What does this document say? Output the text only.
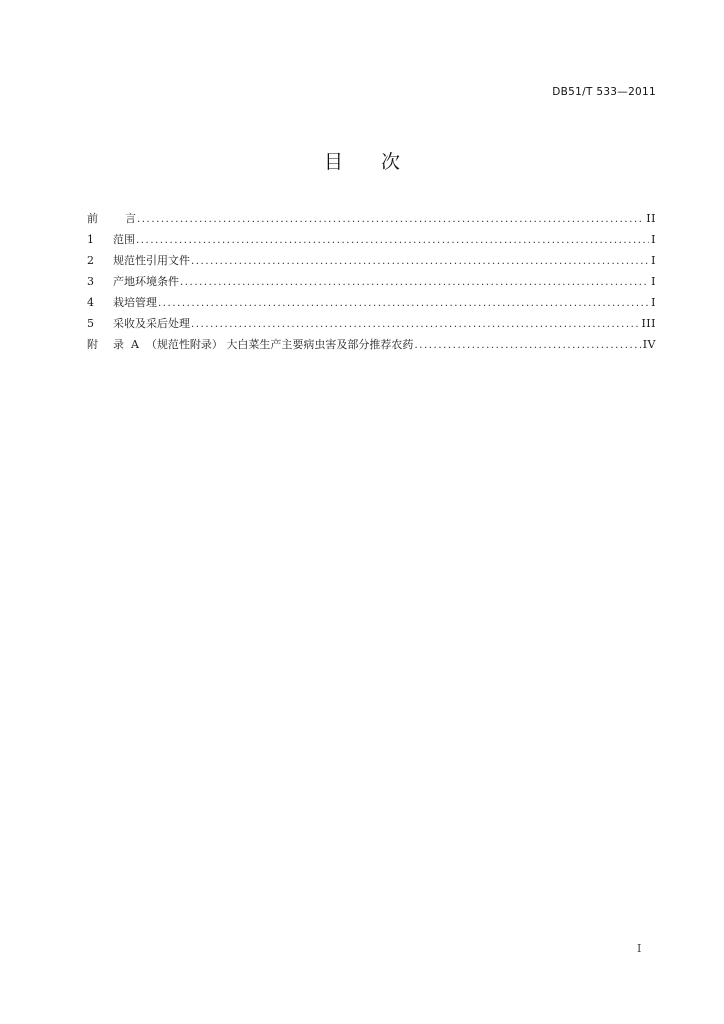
DB51/T 533—2011
目 次
前	言 .....	II
1	范围 .....	I
2	规范性引用文件 .....	I
3	产地环境条件 .....	I
4	栽培管理 .....	I
5	采收及采后处理 .....	III
附	录  A  （规范性附录） 大白菜生产主要病虫害及部分推荐农药 .....	IV
I
